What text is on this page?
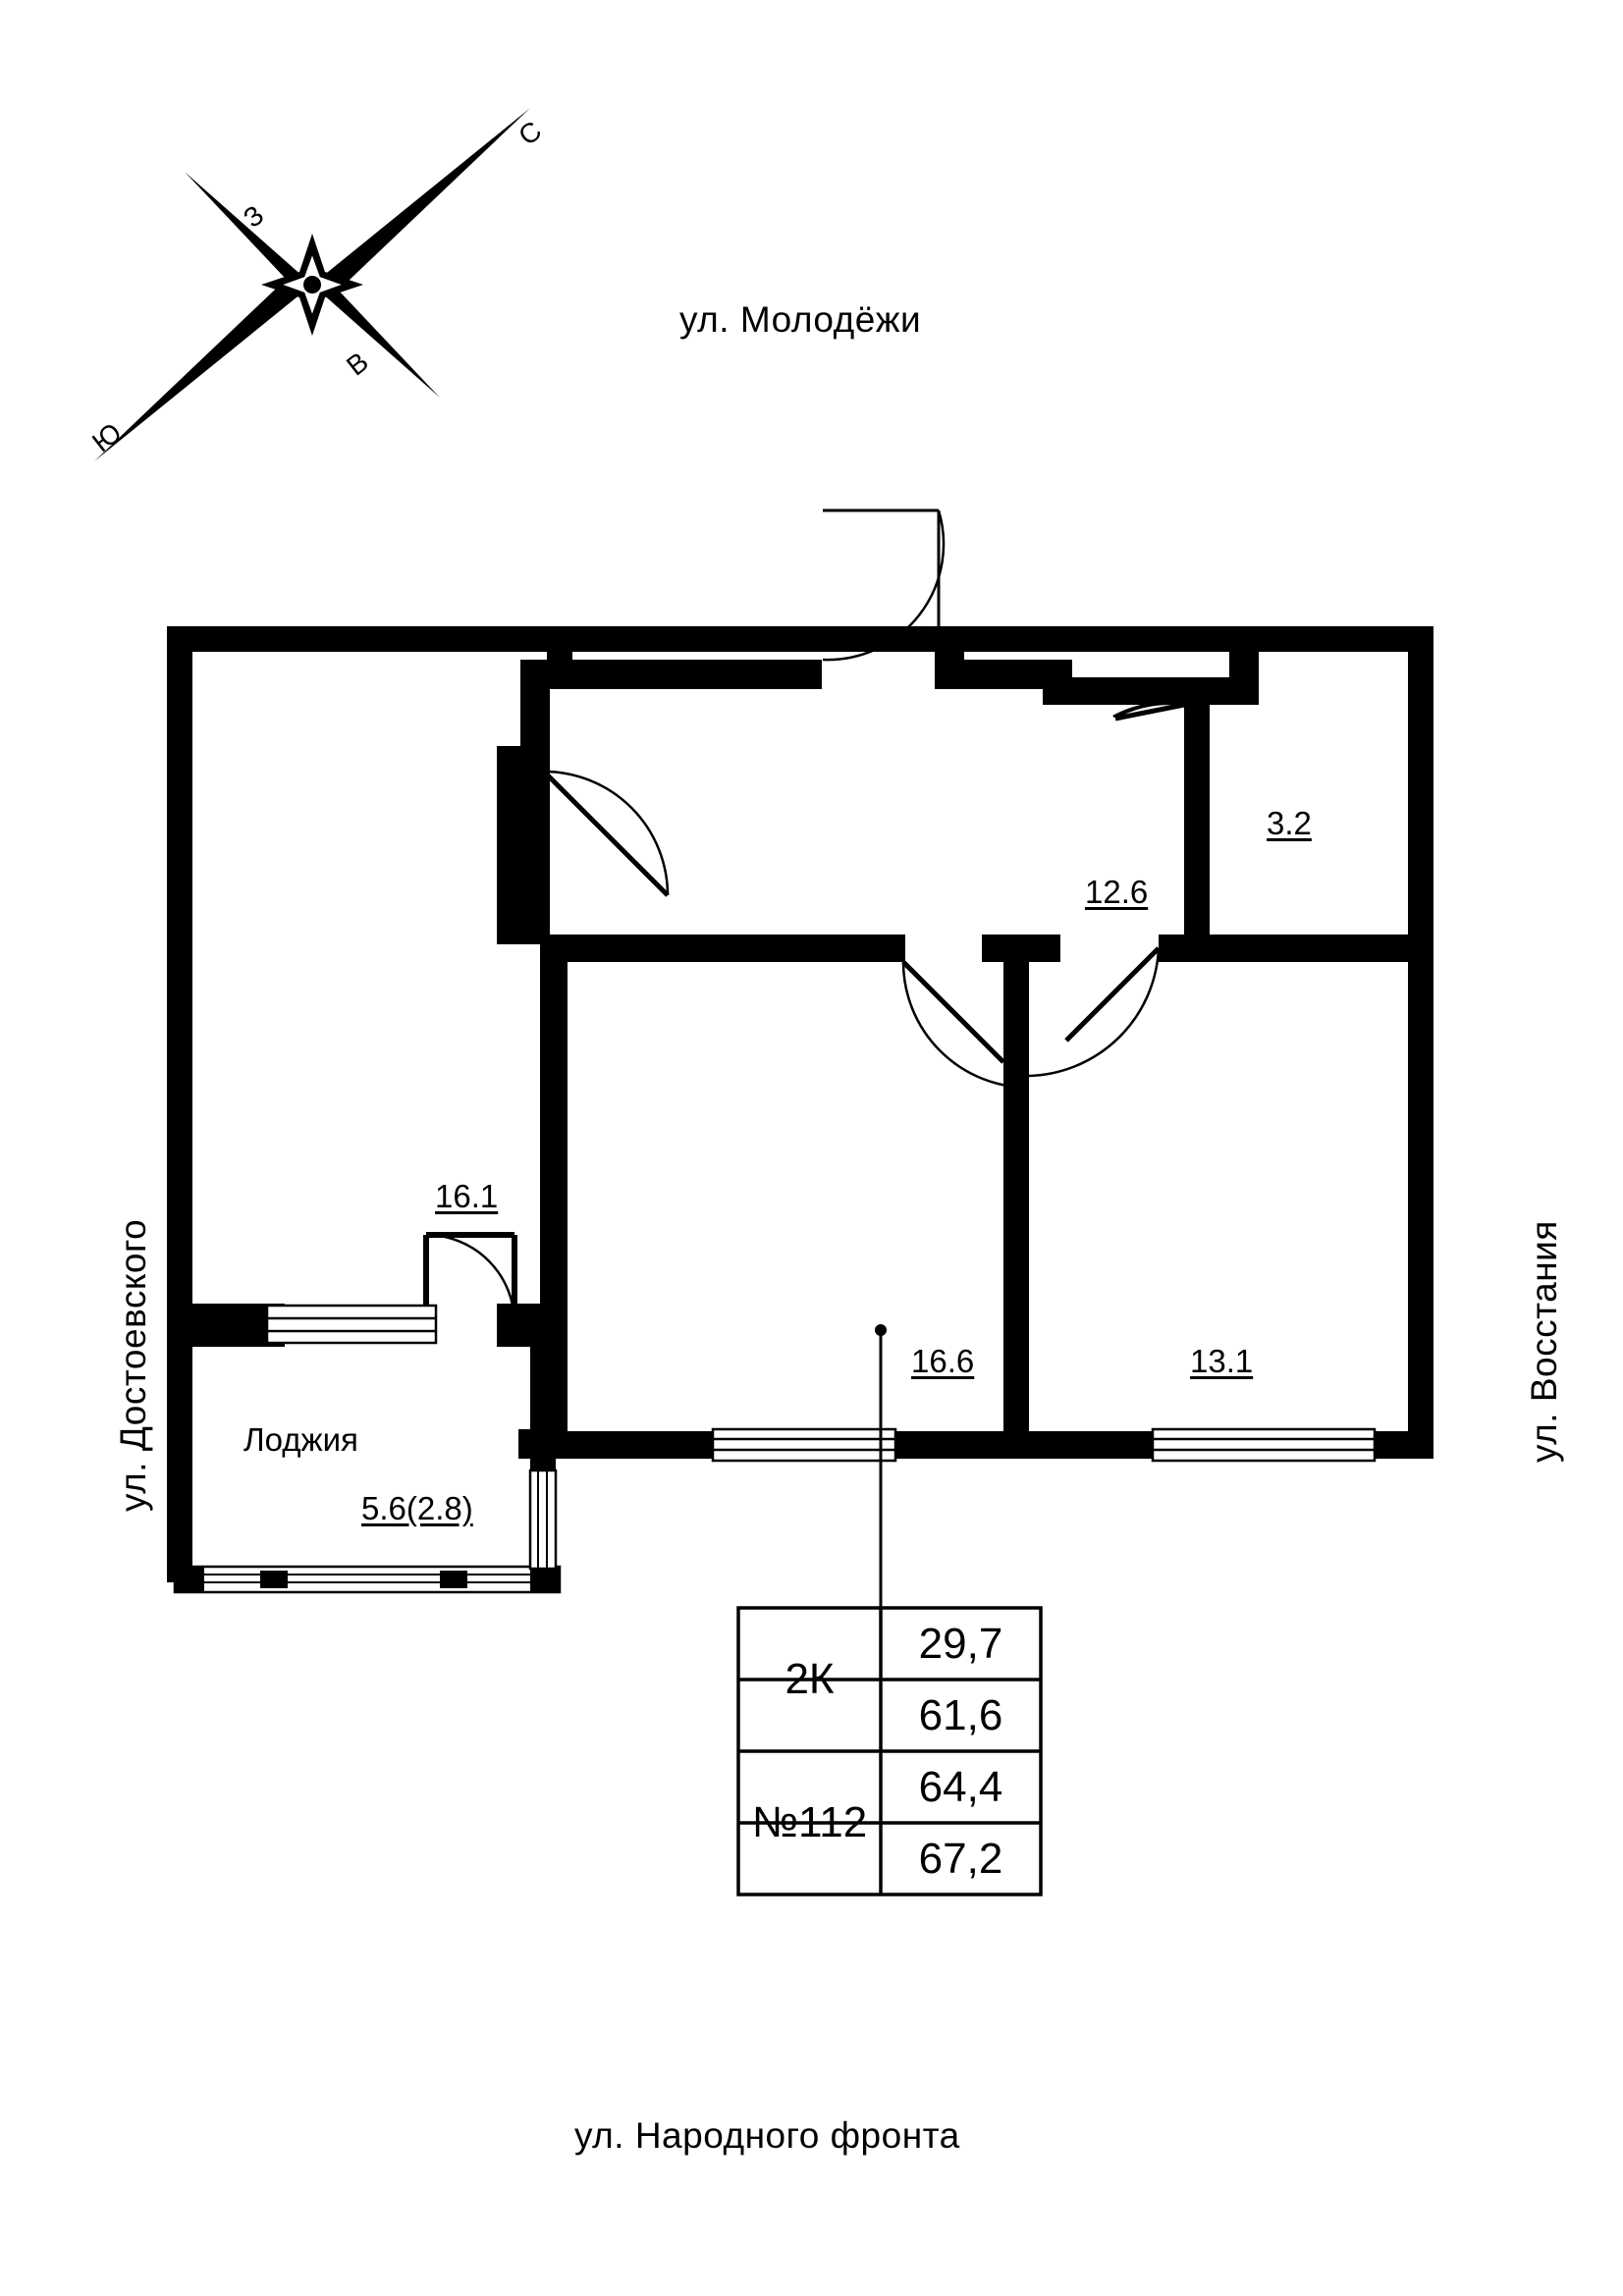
С
З
В
Ю
ул. Молодёжи
ул. Народного фронта
ул. Достоевского	ул. Восстания
16.1
12.6
3.2
16.6	13.1
Лоджия
5.6(2.8)
2К
№112
29,7
61,6
64,4
67,2
